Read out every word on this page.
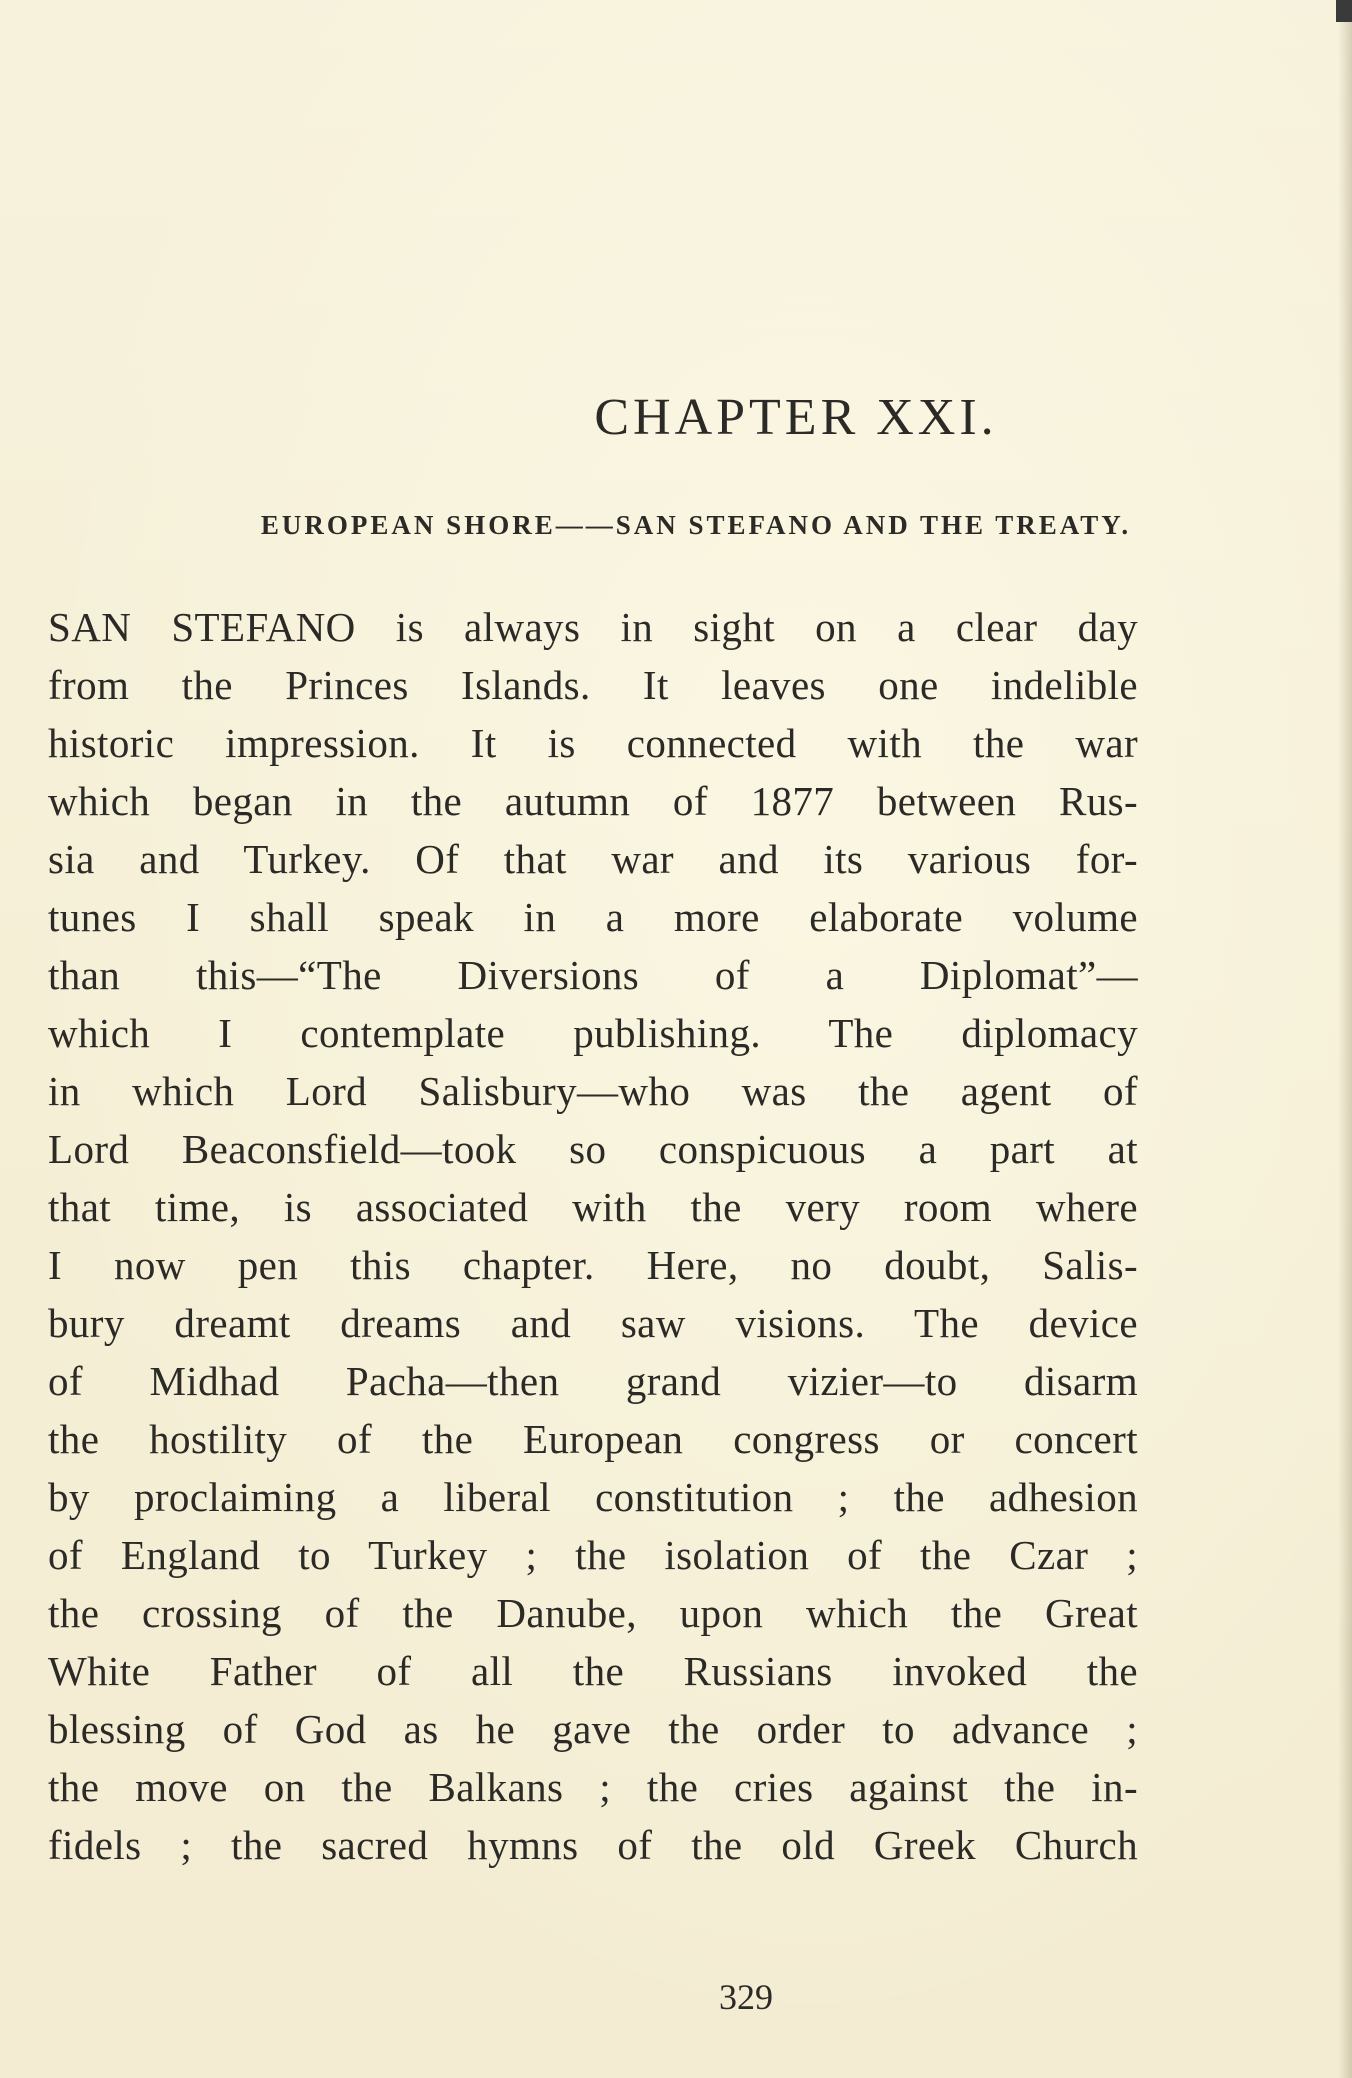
CHAPTER XXI.
EUROPEAN SHORE——SAN STEFANO AND THE TREATY.
SAN STEFANO is always in sight on a clear day
from the Princes Islands. It leaves one indelible
historic impression. It is connected with the war
which began in the autumn of 1877 between Rus-
sia and Turkey. Of that war and its various for-
tunes I shall speak in a more elaborate volume
than this—“The Diversions of a Diplomat”—
which I contemplate publishing. The diplomacy
in which Lord Salisbury—who was the agent of
Lord Beaconsfield—took so conspicuous a part at
that time, is associated with the very room where
I now pen this chapter. Here, no doubt, Salis-
bury dreamt dreams and saw visions. The device
of Midhad Pacha—then grand vizier—to disarm
the hostility of the European congress or concert
by proclaiming a liberal constitution ; the adhesion
of England to Turkey ; the isolation of the Czar ;
the crossing of the Danube, upon which the Great
White Father of all the Russians invoked the
blessing of God as he gave the order to advance ;
the move on the Balkans ; the cries against the in-
fidels ; the sacred hymns of the old Greek Church
329
